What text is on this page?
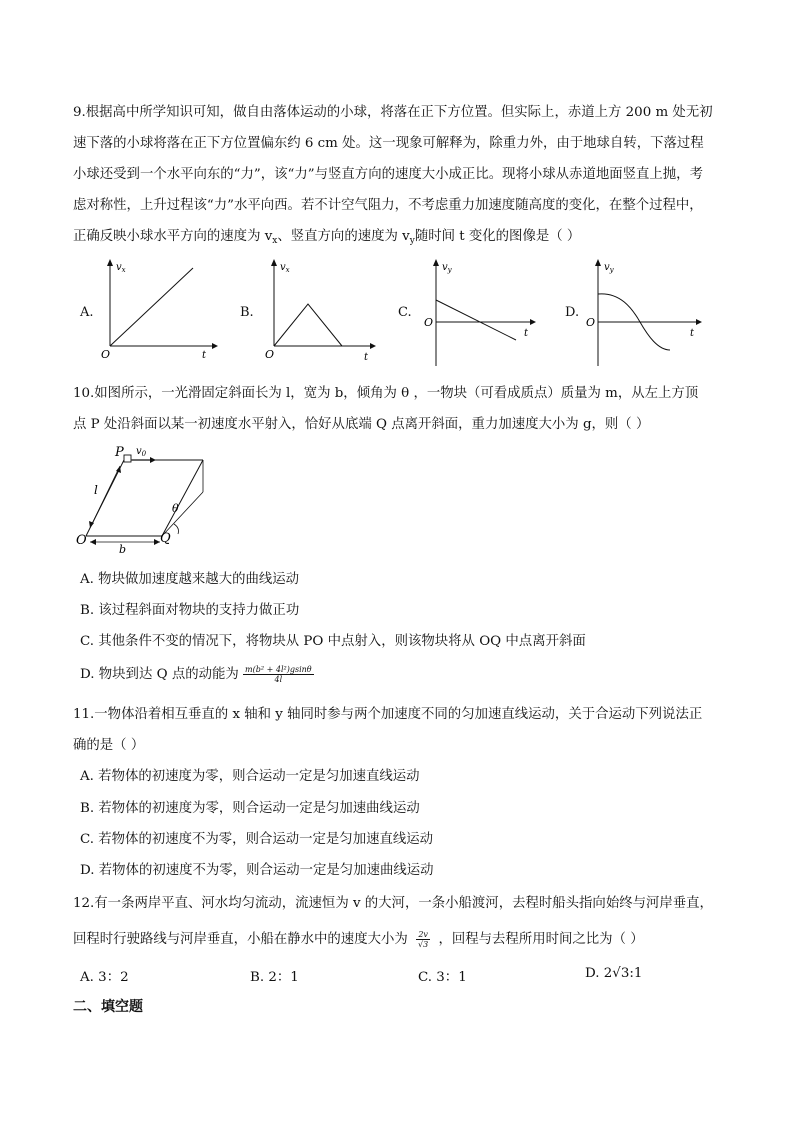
9.根据高中所学知识可知，做自由落体运动的小球，将落在正下方位置。但实际上，赤道上方 200 m 处无初
速下落的小球将落在正下方位置偏东约 6 cm 处。这一现象可解释为，除重力外，由于地球自转，下落过程
小球还受到一个水平向东的“力”，该“力”与竖直方向的速度大小成正比。现将小球从赤道地面竖直上抛，考
虑对称性，上升过程该“力”水平向西。若不计空气阻力，不考虑重力加速度随高度的变化，在整个过程中，
正确反映小球水平方向的速度为 $v_x$、竖直方向的速度为 $v_y$随时间 t 变化的图像是（ ）
A.
O	t
$v_x$
B.
O	t
$v_x$
C.
O
t
$v_y$
D.
O
t
$v_y$
10.如图所示，一光滑固定斜面长为 l，宽为 b，倾角为 θ ，一物块（可看成质点）质量为 m，从左上方顶
点 P 处沿斜面以某一初速度水平射入，恰好从底端 Q 点离开斜面，重力加速度大小为 g，则（ ）
P $v_0$
l
θ
O
b
Q
A. 物块做加速度越来越大的曲线运动
B. 该过程斜面对物块的支持力做正功
C. 其他条件不变的情况下，将物块从 PO 中点射入，则该物块将从 OQ 中点离开斜面
D. 物块到达 Q 点的动能为 $\frac{\text{m(b² + 4l²)gsinθ}}{4l}$
11.一物体沿着相互垂直的 x 轴和 y 轴同时参与两个加速度不同的匀加速直线运动，关于合运动下列说法正
确的是（ ）
A. 若物体的初速度为零，则合运动一定是匀加速直线运动
B. 若物体的初速度为零，则合运动一定是匀加速曲线运动
C. 若物体的初速度不为零，则合运动一定是匀加速直线运动
D. 若物体的初速度不为零，则合运动一定是匀加速曲线运动
12.有一条两岸平直、河水均匀流动，流速恒为 v 的大河，一条小船渡河，去程时船头指向始终与河岸垂直，
回程时行驶路线与河岸垂直，小船在静水中的速度大小为 $\frac{2v}{√3}$ ，回程与去程所用时间之比为（ ）
A. 3：2	B. 2：1	C. 3：1	D. 2√3:1
二、填空题
